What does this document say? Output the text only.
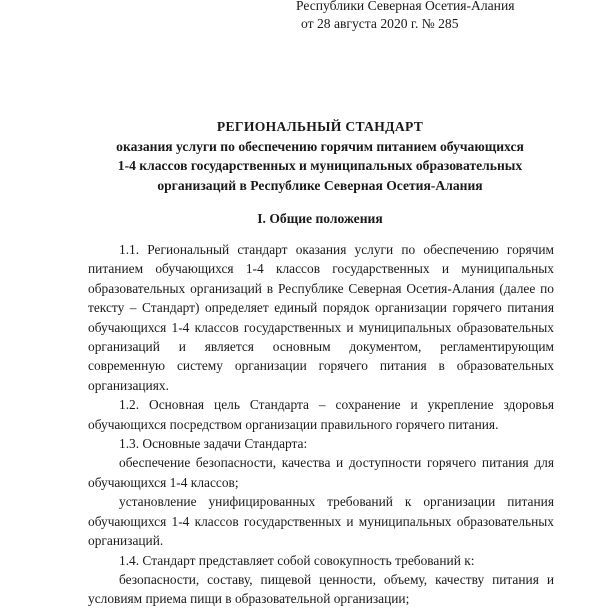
Республики Северная Осетия-Алания
от 28 августа 2020 г. № 285
РЕГИОНАЛЬНЫЙ СТАНДАРТ
оказания услуги по обеспечению горячим питанием обучающихся
1-4 классов государственных и муниципальных образовательных
организаций в Республике Северная Осетия-Алания
I. Общие положения

1.1. Региональный стандарт оказания услуги по обеспечению горячим питанием обучающихся 1-4 классов государственных и муниципальных образовательных организаций в Республике Северная Осетия-Алания (далее по тексту – Стандарт) определяет единый порядок организации горячего питания обучающихся 1-4 классов государственных и муниципальных образовательных организаций и является основным документом, регламентирующим современную систему организации горячего питания в образовательных организациях.

1.2. Основная цель Стандарта – сохранение и укрепление здоровья обучающихся посредством организации правильного горячего питания.

1.3. Основные задачи Стандарта:

обеспечение безопасности, качества и доступности горячего питания для обучающихся 1-4 классов;

установление унифицированных требований к организации питания обучающихся 1-4 классов государственных и муниципальных образовательных организаций.

1.4. Стандарт представляет собой совокупность требований к:

безопасности, составу, пищевой ценности, объему, качеству питания и условиям приема пищи в образовательной организации;
